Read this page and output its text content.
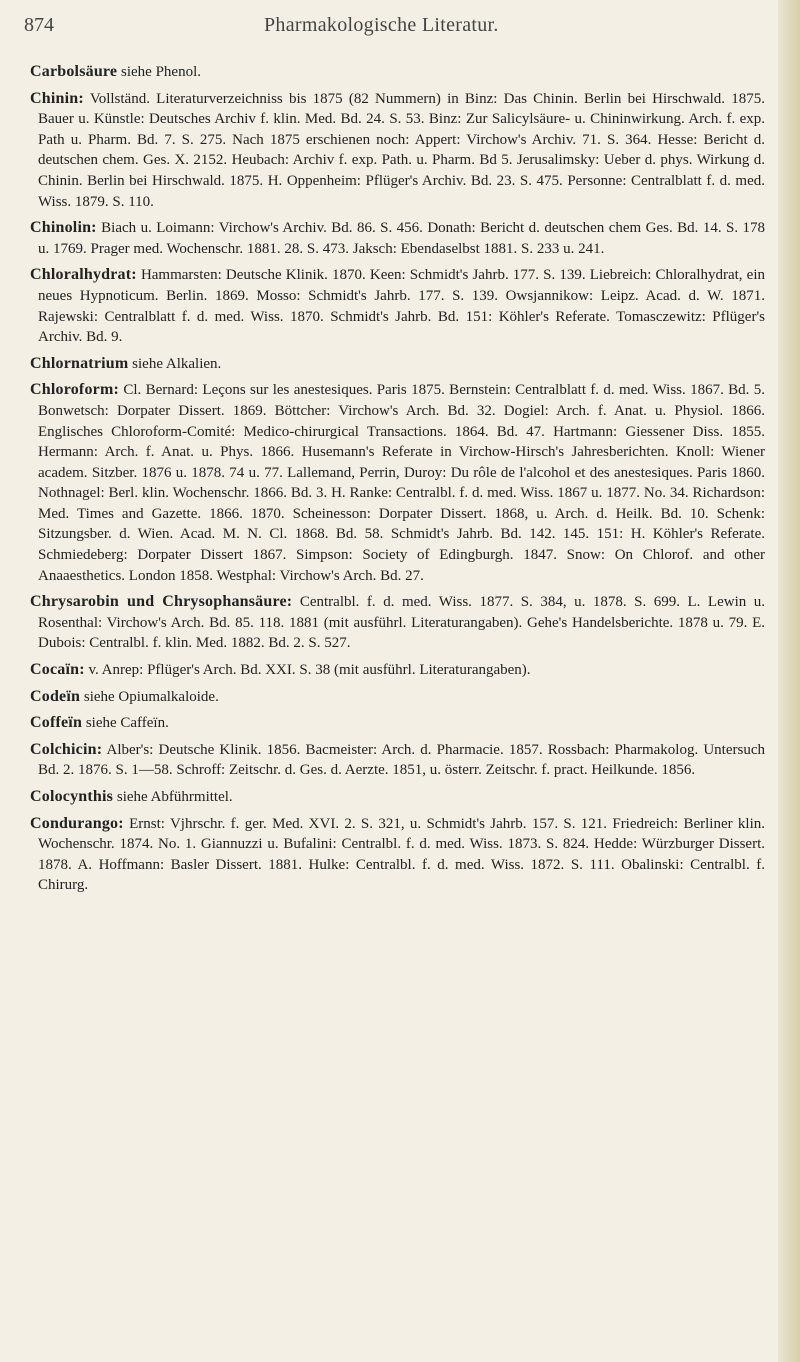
874	Pharmakologische Literatur.

Carbolsäure siehe Phenol.

Chinin: Vollständ. Literaturverzeichniss bis 1875 (82 Nummern) in Binz: Das Chinin. Berlin bei Hirschwald. 1875. Bauer u. Künstle: Deutsches Archiv f. klin. Med. Bd. 24. S. 53. Binz: Zur Salicylsäure- u. Chininwirkung. Arch. f. exp. Path u. Pharm. Bd. 7. S. 275. Nach 1875 erschienen noch: Appert: Virchow's Archiv. 71. S. 364. Hesse: Bericht d. deutschen chem. Ges. X. 2152. Heubach: Archiv f. exp. Path. u. Pharm. Bd 5. Jerusalimsky: Ueber d. phys. Wirkung d. Chinin. Berlin bei Hirschwald. 1875. H. Oppenheim: Pflüger's Archiv. Bd. 23. S. 475. Personne: Centralblatt f. d. med. Wiss. 1879. S. 110.

Chinolin: Biach u. Loimann: Virchow's Archiv. Bd. 86. S. 456. Donath: Bericht d. deutschen chem Ges. Bd. 14. S. 178 u. 1769. Prager med. Wochenschr. 1881. 28. S. 473. Jaksch: Ebendaselbst 1881. S. 233 u. 241.

Chloralhydrat: Hammarsten: Deutsche Klinik. 1870. Keen: Schmidt's Jahrb. 177. S. 139. Liebreich: Chloralhydrat, ein neues Hypnoticum. Berlin. 1869. Mosso: Schmidt's Jahrb. 177. S. 139. Owsjannikow: Leipz. Acad. d. W. 1871. Rajewski: Centralblatt f. d. med. Wiss. 1870. Schmidt's Jahrb. Bd. 151: Köhler's Referate. Tomasczewitz: Pflüger's Archiv. Bd. 9.

Chlornatrium siehe Alkalien.

Chloroform: Cl. Bernard: Leçons sur les anestesiques. Paris 1875. Bernstein: Centralblatt f. d. med. Wiss. 1867. Bd. 5. Bonwetsch: Dorpater Dissert. 1869. Böttcher: Virchow's Arch. Bd. 32. Dogiel: Arch. f. Anat. u. Physiol. 1866. Englisches Chloroform-Comité: Medico-chirurgical Transactions. 1864. Bd. 47. Hartmann: Giessener Diss. 1855. Hermann: Arch. f. Anat. u. Phys. 1866. Husemann's Referate in Virchow-Hirsch's Jahresberichten. Knoll: Wiener academ. Sitzber. 1876 u. 1878. 74 u. 77. Lallemand, Perrin, Duroy: Du rôle de l'alcohol et des anestesiques. Paris 1860. Nothnagel: Berl. klin. Wochenschr. 1866. Bd. 3. H. Ranke: Centralbl. f. d. med. Wiss. 1867 u. 1877. No. 34. Richardson: Med. Times and Gazette. 1866. 1870. Scheinesson: Dorpater Dissert. 1868, u. Arch. d. Heilk. Bd. 10. Schenk: Sitzungsber. d. Wien. Acad. M. N. Cl. 1868. Bd. 58. Schmidt's Jahrb. Bd. 142. 145. 151: H. Köhler's Referate. Schmiedeberg: Dorpater Dissert 1867. Simpson: Society of Edingburgh. 1847. Snow: On Chlorof. and other Anaaesthetics. London 1858. Westphal: Virchow's Arch. Bd. 27.

Chrysarobin und Chrysophansäure: Centralbl. f. d. med. Wiss. 1877. S. 384, u. 1878. S. 699. L. Lewin u. Rosenthal: Virchow's Arch. Bd. 85. 118. 1881 (mit ausführl. Literaturangaben). Gehe's Handelsberichte. 1878 u. 79. E. Dubois: Centralbl. f. klin. Med. 1882. Bd. 2. S. 527.

Cocaïn: v. Anrep: Pflüger's Arch. Bd. XXI. S. 38 (mit ausführl. Literaturangaben).

Codeïn siehe Opiumalkaloide.

Coffeïn siehe Caffeïn.

Colchicin: Alber's: Deutsche Klinik. 1856. Bacmeister: Arch. d. Pharmacie. 1857. Rossbach: Pharmakolog. Untersuch Bd. 2. 1876. S. 1—58. Schroff: Zeitschr. d. Ges. d. Aerzte. 1851, u. österr. Zeitschr. f. pract. Heilkunde. 1856.

Colocynthis siehe Abführmittel.

Condurango: Ernst: Vjhrschr. f. ger. Med. XVI. 2. S. 321, u. Schmidt's Jahrb. 157. S. 121. Friedreich: Berliner klin. Wochenschr. 1874. No. 1. Giannuzzi u. Bufalini: Centralbl. f. d. med. Wiss. 1873. S. 824. Hedde: Würzburger Dissert. 1878. A. Hoffmann: Basler Dissert. 1881. Hulke: Centralbl. f. d. med. Wiss. 1872. S. 111. Obalinski: Centralbl. f. Chirurg.
